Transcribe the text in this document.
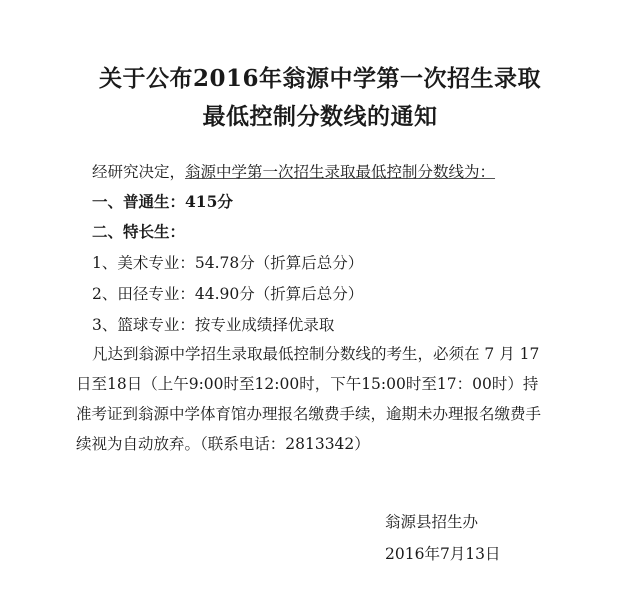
关于公布2016年翁源中学第一次招生录取
最低控制分数线的通知
经研究决定，翁源中学第一次招生录取最低控制分数线为：
一、普通生：415分
二、特长生：
1、美术专业：54.78分（折算后总分）
2、田径专业：44.90分（折算后总分）
3、篮球专业：按专业成绩择优录取
凡达到翁源中学招生录取最低控制分数线的考生，必须在 7 月 17
日至18日（上午9:00时至12:00时，下午15:00时至17：00时）持
准考证到翁源中学体育馆办理报名缴费手续，逾期未办理报名缴费手
续视为自动放弃。（联系电话：2813342）
翁源县招生办
2016年7月13日
